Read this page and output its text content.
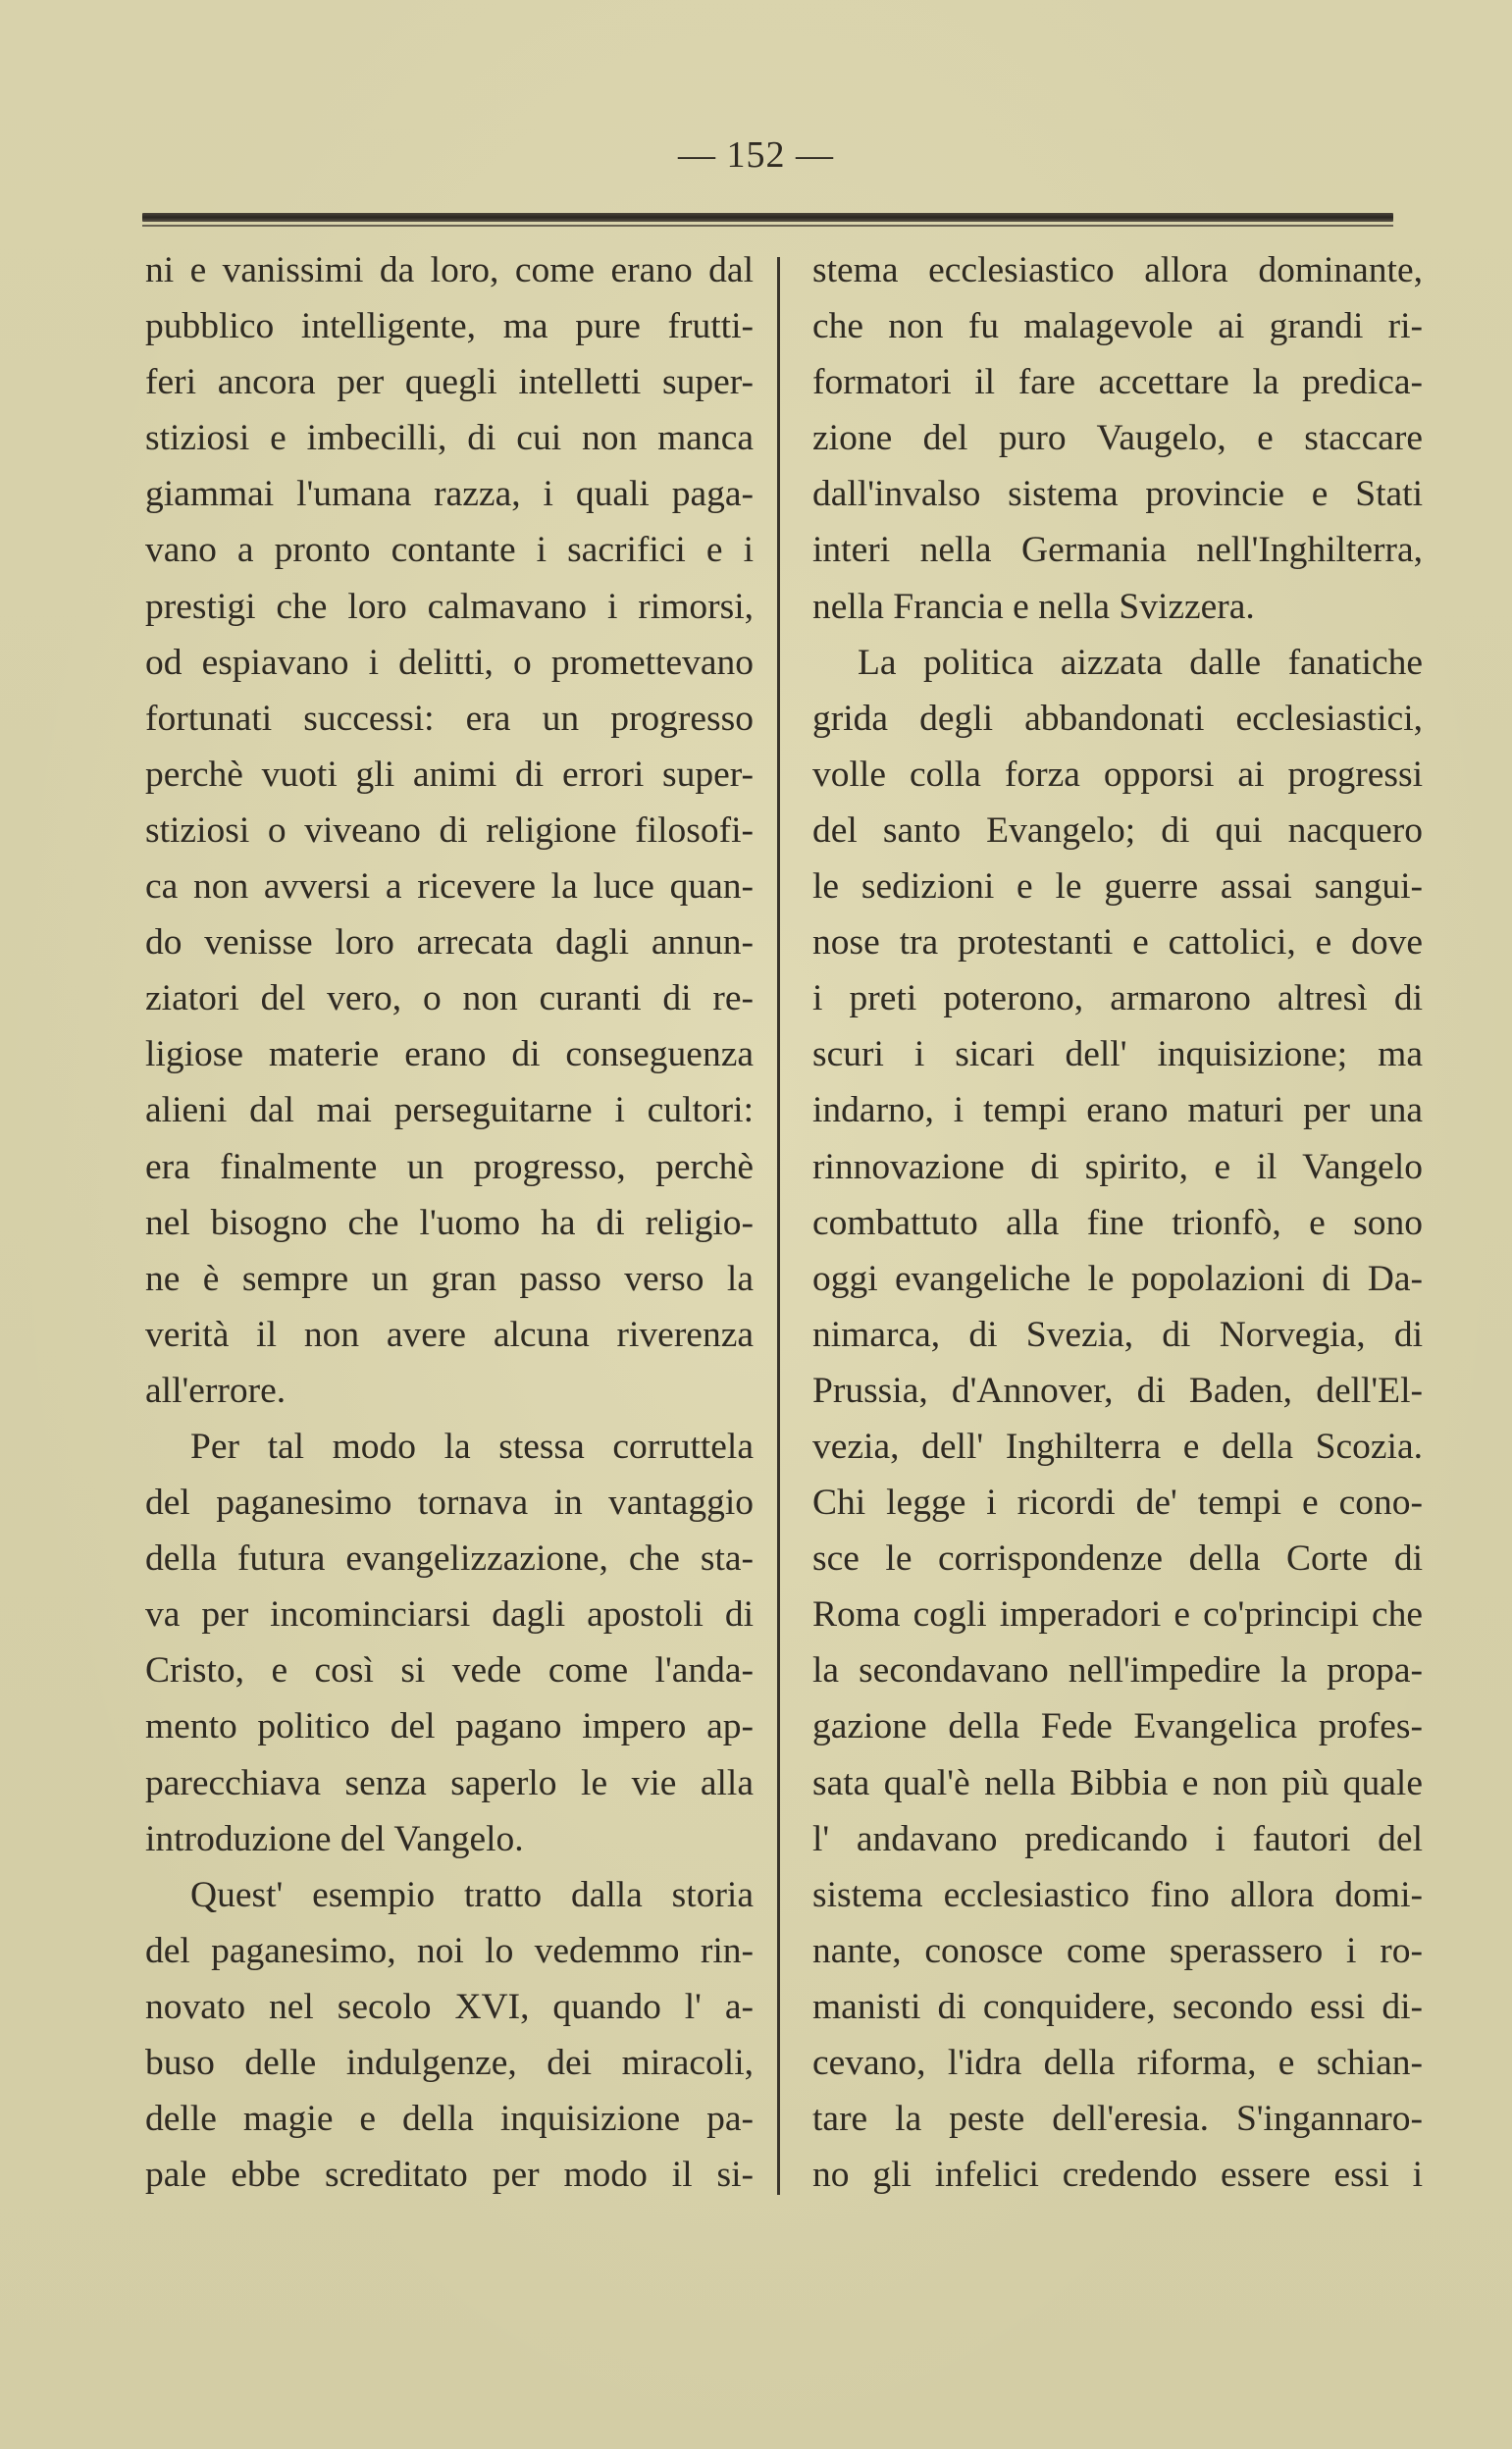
— 152 —
ni e vanissimi da loro, come erano dal
pubblico intelligente, ma pure frutti-
feri ancora per quegli intelletti super-
stiziosi e imbecilli, di cui non manca
giammai l'umana razza, i quali paga-
vano a pronto contante i sacrifici e i
prestigi che loro calmavano i rimorsi,
od espiavano i delitti, o promettevano
fortunati successi: era un progresso
perchè vuoti gli animi di errori super-
stiziosi o viveano di religione filosofi-
ca non avversi a ricevere la luce quan-
do venisse loro arrecata dagli annun-
ziatori del vero, o non curanti di re-
ligiose materie erano di conseguenza
alieni dal mai perseguitarne i cultori:
era finalmente un progresso, perchè
nel bisogno che l'uomo ha di religio-
ne è sempre un gran passo verso la
verità il non avere alcuna riverenza
all'errore.
Per tal modo la stessa corruttela
del paganesimo tornava in vantaggio
della futura evangelizzazione, che sta-
va per incominciarsi dagli apostoli di
Cristo, e così si vede come l'anda-
mento politico del pagano impero ap-
parecchiava senza saperlo le vie alla
introduzione del Vangelo.
Quest' esempio tratto dalla storia
del paganesimo, noi lo vedemmo rin-
novato nel secolo XVI, quando l' a-
buso delle indulgenze, dei miracoli,
delle magie e della inquisizione pa-
pale ebbe screditato per modo il si-
stema ecclesiastico allora dominante,
che non fu malagevole ai grandi ri-
formatori il fare accettare la predica-
zione del puro Vaugelo, e staccare
dall'invalso sistema provincie e Stati
interi nella Germania nell'Inghilterra,
nella Francia e nella Svizzera.
La politica aizzata dalle fanatiche
grida degli abbandonati ecclesiastici,
volle colla forza opporsi ai progressi
del santo Evangelo; di qui nacquero
le sedizioni e le guerre assai sangui-
nose tra protestanti e cattolici, e dove
i preti poterono, armarono altresì di
scuri i sicari dell' inquisizione; ma
indarno, i tempi erano maturi per una
rinnovazione di spirito, e il Vangelo
combattuto alla fine trionfò, e sono
oggi evangeliche le popolazioni di Da-
nimarca, di Svezia, di Norvegia, di
Prussia, d'Annover, di Baden, dell'El-
vezia, dell' Inghilterra e della Scozia.
Chi legge i ricordi de' tempi e cono-
sce le corrispondenze della Corte di
Roma cogli imperadori e co'principi che
la secondavano nell'impedire la propa-
gazione della Fede Evangelica profes-
sata qual'è nella Bibbia e non più quale
l' andavano predicando i fautori del
sistema ecclesiastico fino allora domi-
nante, conosce come sperassero i ro-
manisti di conquidere, secondo essi di-
cevano, l'idra della riforma, e schian-
tare la peste dell'eresia. S'ingannaro-
no gli infelici credendo essere essi i
